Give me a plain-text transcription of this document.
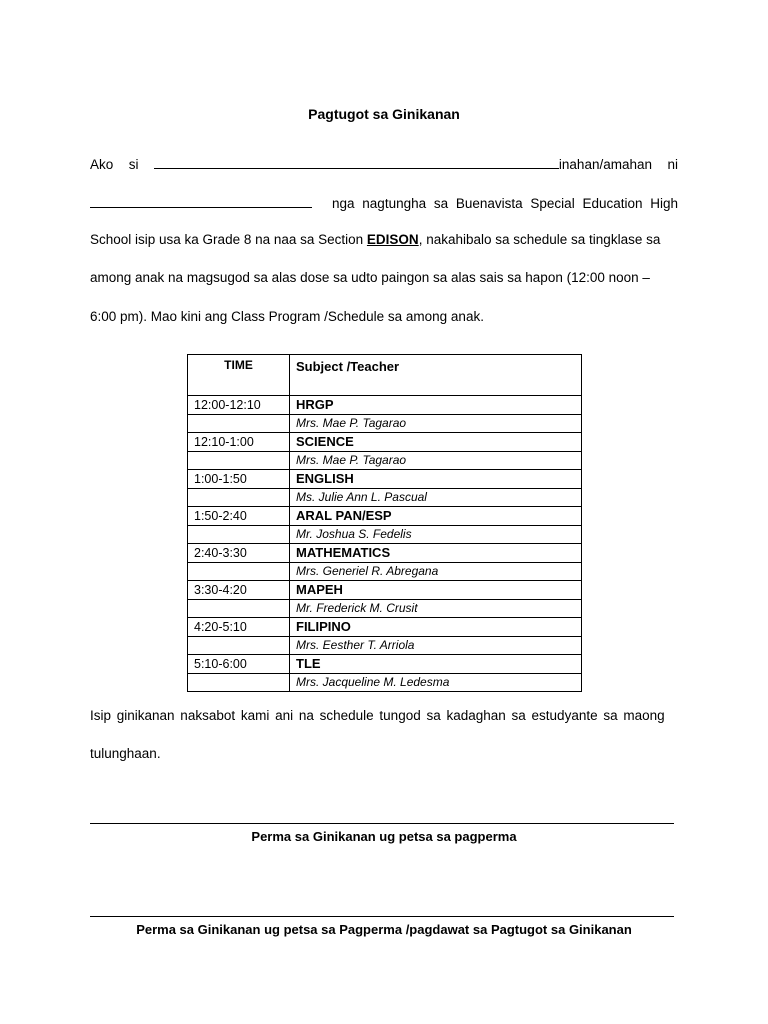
Pagtugot sa Ginikanan
Ako si	inahan/amahan ni
nga nagtungha sa Buenavista Special Education High
School isip usa ka Grade 8 na naa sa Section EDISON, nakahibalo sa schedule sa tingklase sa
among anak na magsugod sa alas dose sa udto paingon sa alas sais sa hapon (12:00 noon –
6:00 pm). Mao kini ang Class Program /Schedule sa among anak.
TIME	Subject /Teacher
12:00-12:10	HRGP
	Mrs. Mae P. Tagarao
12:10-1:00	SCIENCE
	Mrs. Mae P. Tagarao
1:00-1:50	ENGLISH
	Ms. Julie Ann L. Pascual
1:50-2:40	ARAL PAN/ESP
	Mr. Joshua S. Fedelis
2:40-3:30	MATHEMATICS
	Mrs. Generiel R. Abregana
3:30-4:20	MAPEH
	Mr. Frederick M. Crusit
4:20-5:10	FILIPINO
	Mrs. Eesther T. Arriola
5:10-6:00	TLE
	Mrs. Jacqueline M. Ledesma
Isip ginikanan naksabot kami ani na schedule tungod sa kadaghan sa estudyante sa maong
tulunghaan.
Perma sa Ginikanan ug petsa sa pagperma
Perma sa Ginikanan ug petsa sa Pagperma /pagdawat sa Pagtugot sa Ginikanan
